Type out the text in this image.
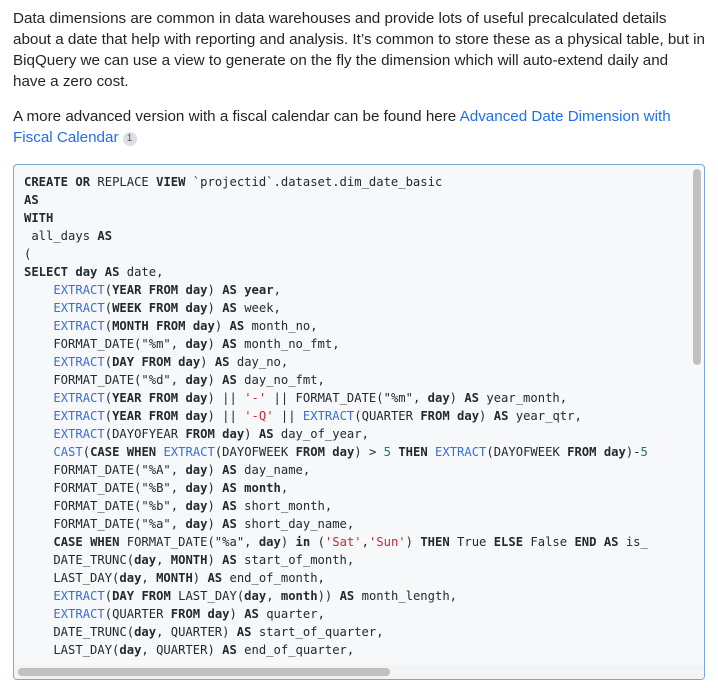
Data dimensions are common in data warehouses and provide lots of useful precalculated details about a date that help with reporting and analysis. It’s common to store these as a physical table, but in BiqQuery we can use a view to generate on the fly the dimension which will auto-extend daily and have a zero cost.

A more advanced version with a fiscal calendar can be found here Advanced Date Dimension with Fiscal Calendar 1

CREATE OR REPLACE VIEW `projectid`.dataset.dim_date_basic
AS
WITH
all_days AS
(
SELECT day AS date,
EXTRACT(YEAR FROM day) AS year,
EXTRACT(WEEK FROM day) AS week,
EXTRACT(MONTH FROM day) AS month_no,
FORMAT_DATE("%m", day) AS month_no_fmt,
EXTRACT(DAY FROM day) AS day_no,
FORMAT_DATE("%d", day) AS day_no_fmt,
EXTRACT(YEAR FROM day) || '-' || FORMAT_DATE("%m", day) AS year_month,
EXTRACT(YEAR FROM day) || '-Q' || EXTRACT(QUARTER FROM day) AS year_qtr,
EXTRACT(DAYOFYEAR FROM day) AS day_of_year,
CAST(CASE WHEN EXTRACT(DAYOFWEEK FROM day) > 5 THEN EXTRACT(DAYOFWEEK FROM day)-5
FORMAT_DATE("%A", day) AS day_name,
FORMAT_DATE("%B", day) AS month,
FORMAT_DATE("%b", day) AS short_month,
FORMAT_DATE("%a", day) AS short_day_name,
CASE WHEN FORMAT_DATE("%a", day) in ('Sat','Sun') THEN True ELSE False END AS is_
DATE_TRUNC(day, MONTH) AS start_of_month,
LAST_DAY(day, MONTH) AS end_of_month,
EXTRACT(DAY FROM LAST_DAY(day, month)) AS month_length,
EXTRACT(QUARTER FROM day) AS quarter,
DATE_TRUNC(day, QUARTER) AS start_of_quarter,
LAST_DAY(day, QUARTER) AS end_of_quarter,
